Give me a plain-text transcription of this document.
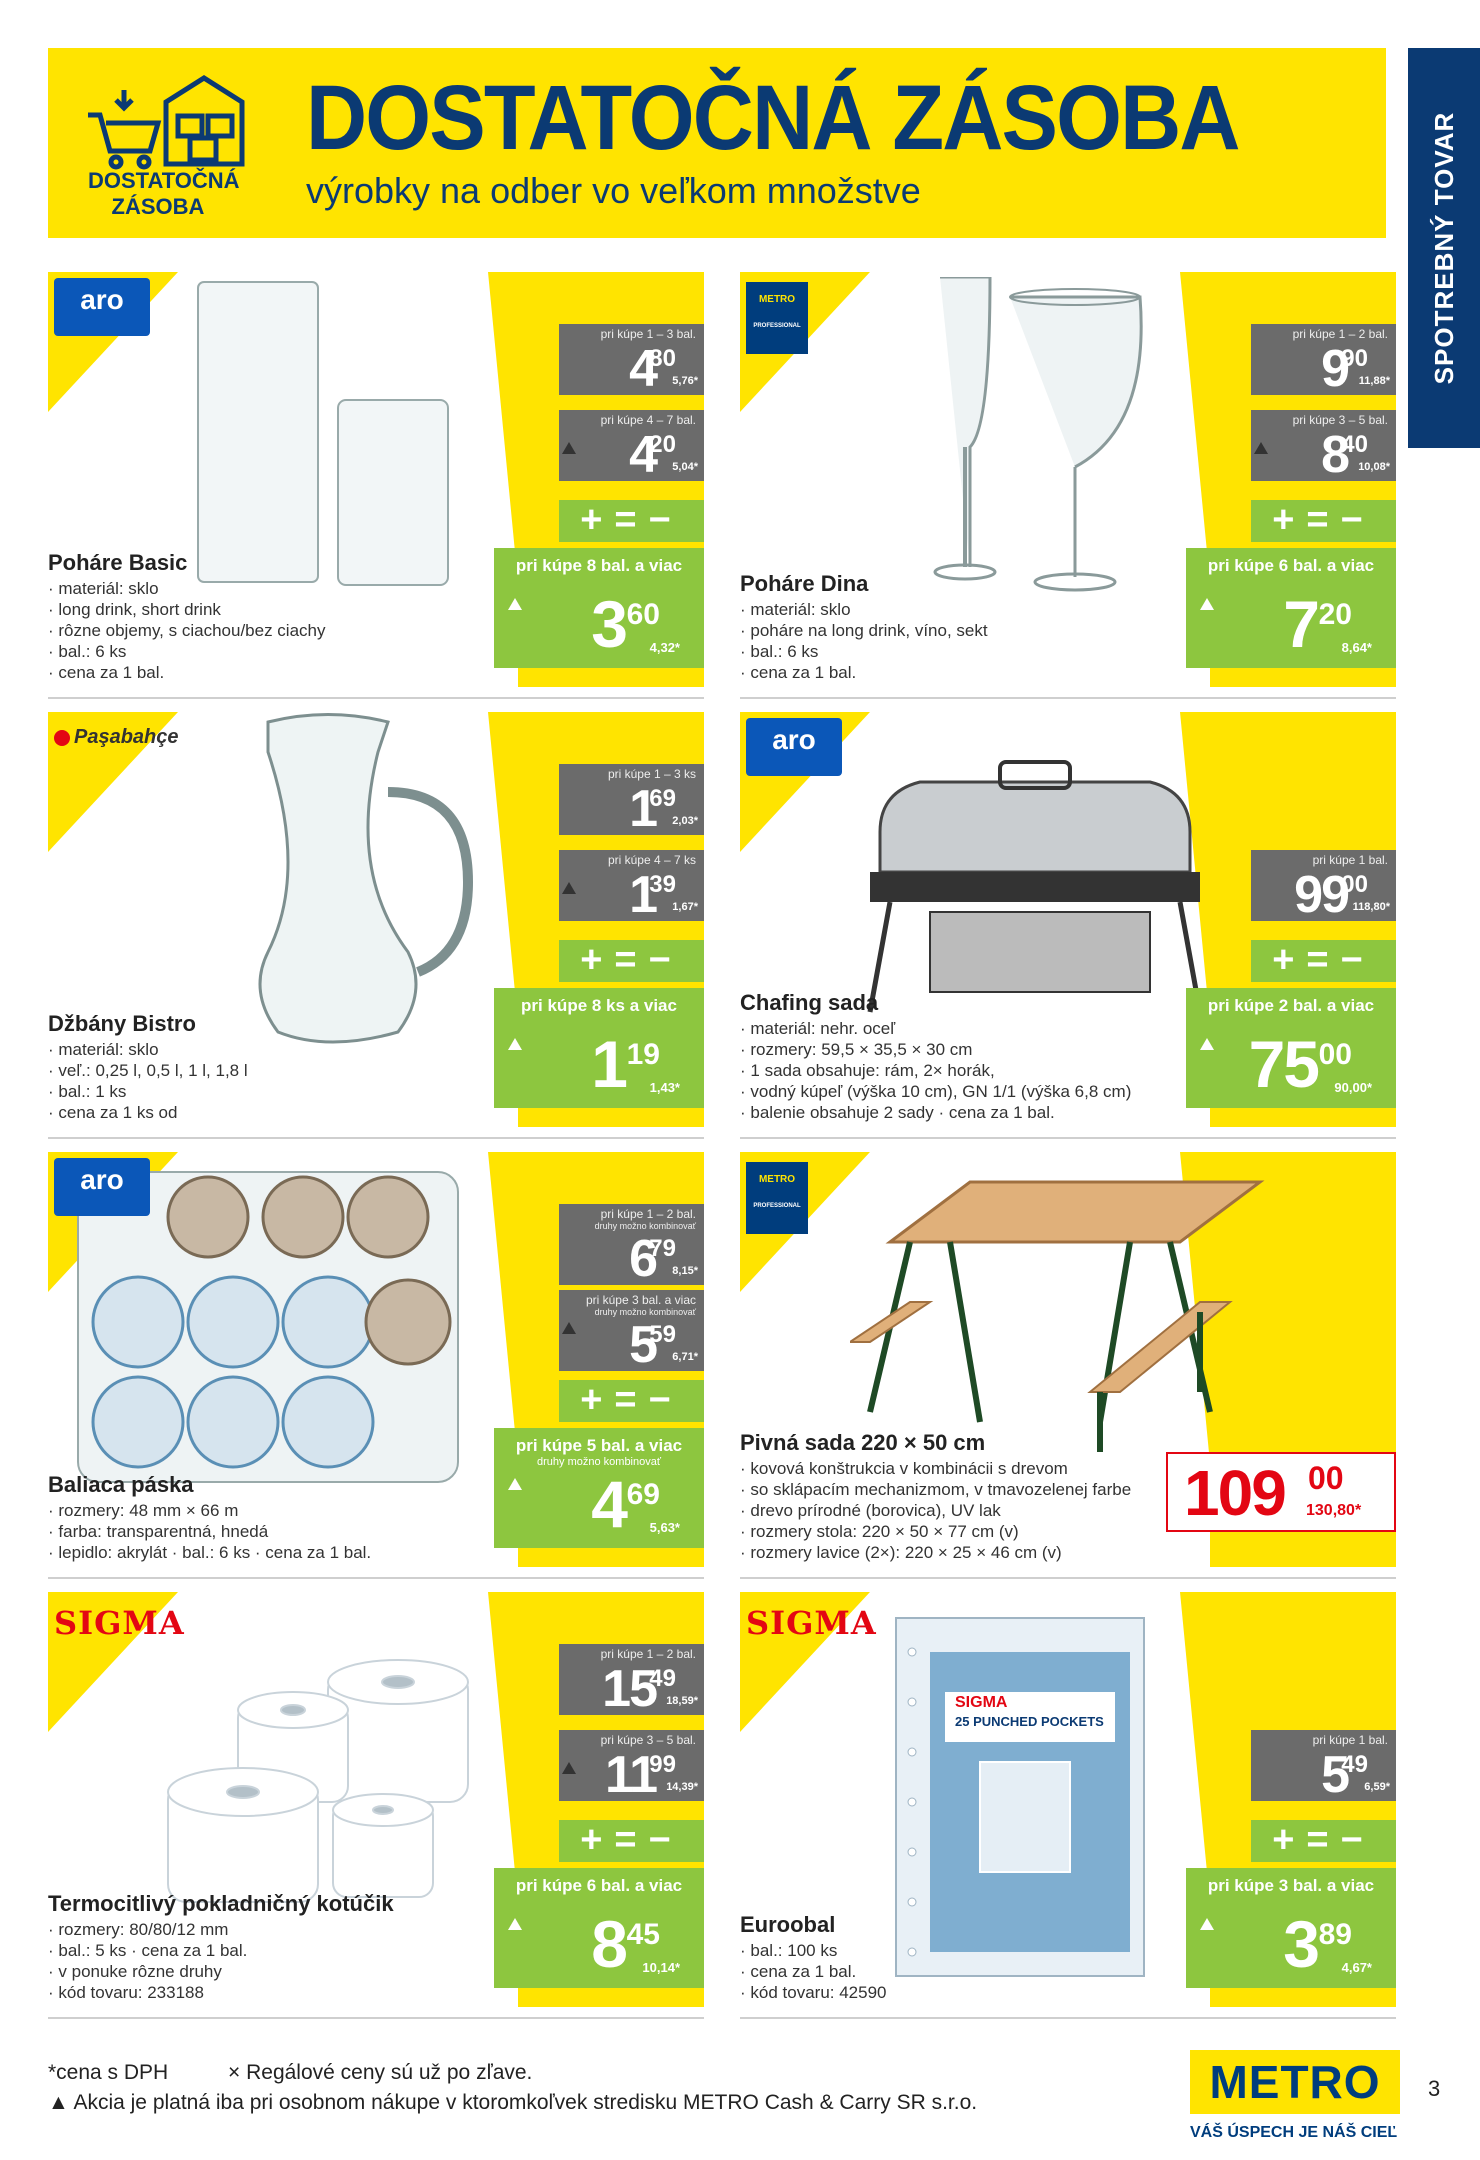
DOSTATOČNÁ
ZÁSOBA
DOSTATOČNÁ ZÁSOBA
výrobky na odber vo veľkom množstve	SPOTREBNÝ TOVAR
aro
Poháre Basic
· materiál: sklo
· long drink, short drink
· rôzne objemy, s ciachou/bez ciachy
· bal.: 6 ks
· cena za 1 bal.
pri kúpe 1 – 3 bal.
4
80
5,76*
pri kúpe 4 – 7 bal.
4
20
5,04*
+=−
pri kúpe 8 bal. a viac
3 60
4,32*
METRO
PROFESSIONAL
Poháre Dina
· materiál: sklo
· poháre na long drink, víno, sekt
· bal.: 6 ks
· cena za 1 bal.
pri kúpe 1 – 2 bal.
9
90
11,88*
pri kúpe 3 – 5 bal.
8
40
10,08*
+=−
pri kúpe 6 bal. a viac
7 20
8,64*
Paşabahçe
Džbány Bistro
· materiál: sklo
· veľ.: 0,25 l, 0,5 l, 1 l, 1,8 l
· bal.: 1 ks
· cena za 1 ks od
pri kúpe 1 – 3 ks
1
69
2,03*
pri kúpe 4 – 7 ks
1
39
1,67*
+=−
pri kúpe 8 ks a viac
1 19
1,43*
aro
Chafing sada
· materiál: nehr. oceľ
· rozmery: 59,5 × 35,5 × 30 cm
· 1 sada obsahuje: rám, 2× horák,
· vodný kúpeľ (výška 10 cm), GN 1/1 (výška 6,8 cm)
· balenie obsahuje 2 sady · cena za 1 bal.
pri kúpe 1 bal.
99
00
118,80*
+=−
pri kúpe 2 bal. a viac
75 00
90,00*
aro
Baliaca páska
· rozmery: 48 mm × 66 m
· farba: transparentná, hnedá
· lepidlo: akrylát · bal.: 6 ks · cena za 1 bal.
pri kúpe 1 – 2 bal.
druhy možno kombinovať
6
79
8,15*
pri kúpe 3 bal. a viac
druhy možno kombinovať
5
59
6,71*
+=−
pri kúpe 5 bal. a viac
druhy možno kombinovať
4 69
5,63*
METRO
PROFESSIONAL
Pivná sada 220 × 50 cm
· kovová konštrukcia v kombinácii s drevom
· so sklápacím mechanizmom, v tmavozelenej farbe
· drevo prírodné (borovica), UV lak
· rozmery stola: 220 × 50 × 77 cm (v)
· rozmery lavice (2×): 220 × 25 × 46 cm (v)
109 00
130,80*
SIGMA
Termocitlivý pokladničný kotúčik
· rozmery: 80/80/12 mm
· bal.: 5 ks · cena za 1 bal.
· v ponuke rôzne druhy
· kód tovaru: 233188
pri kúpe 1 – 2 bal.
15
49
18,59*
pri kúpe 3 – 5 bal.
11
99
14,39*
+=−
pri kúpe 6 bal. a viac
8 45
10,14*
SIGMA
25 PUNCHED POCKETS
SIGMA
Euroobal
· bal.: 100 ks
· cena za 1 bal.
· kód tovaru: 42590
pri kúpe 1 bal.
5
49
6,59*
+=−
pri kúpe 3 bal. a viac
3 89
4,67*
*cena s DPH	× Regálové ceny sú už po zľave.
▲ Akcia je platná iba pri osobnom nákupe v ktoromkoľvek stredisku METRO Cash & Carry SR s.r.o.	METRO
VÁŠ ÚSPECH JE NÁŠ CIEĽ
3
